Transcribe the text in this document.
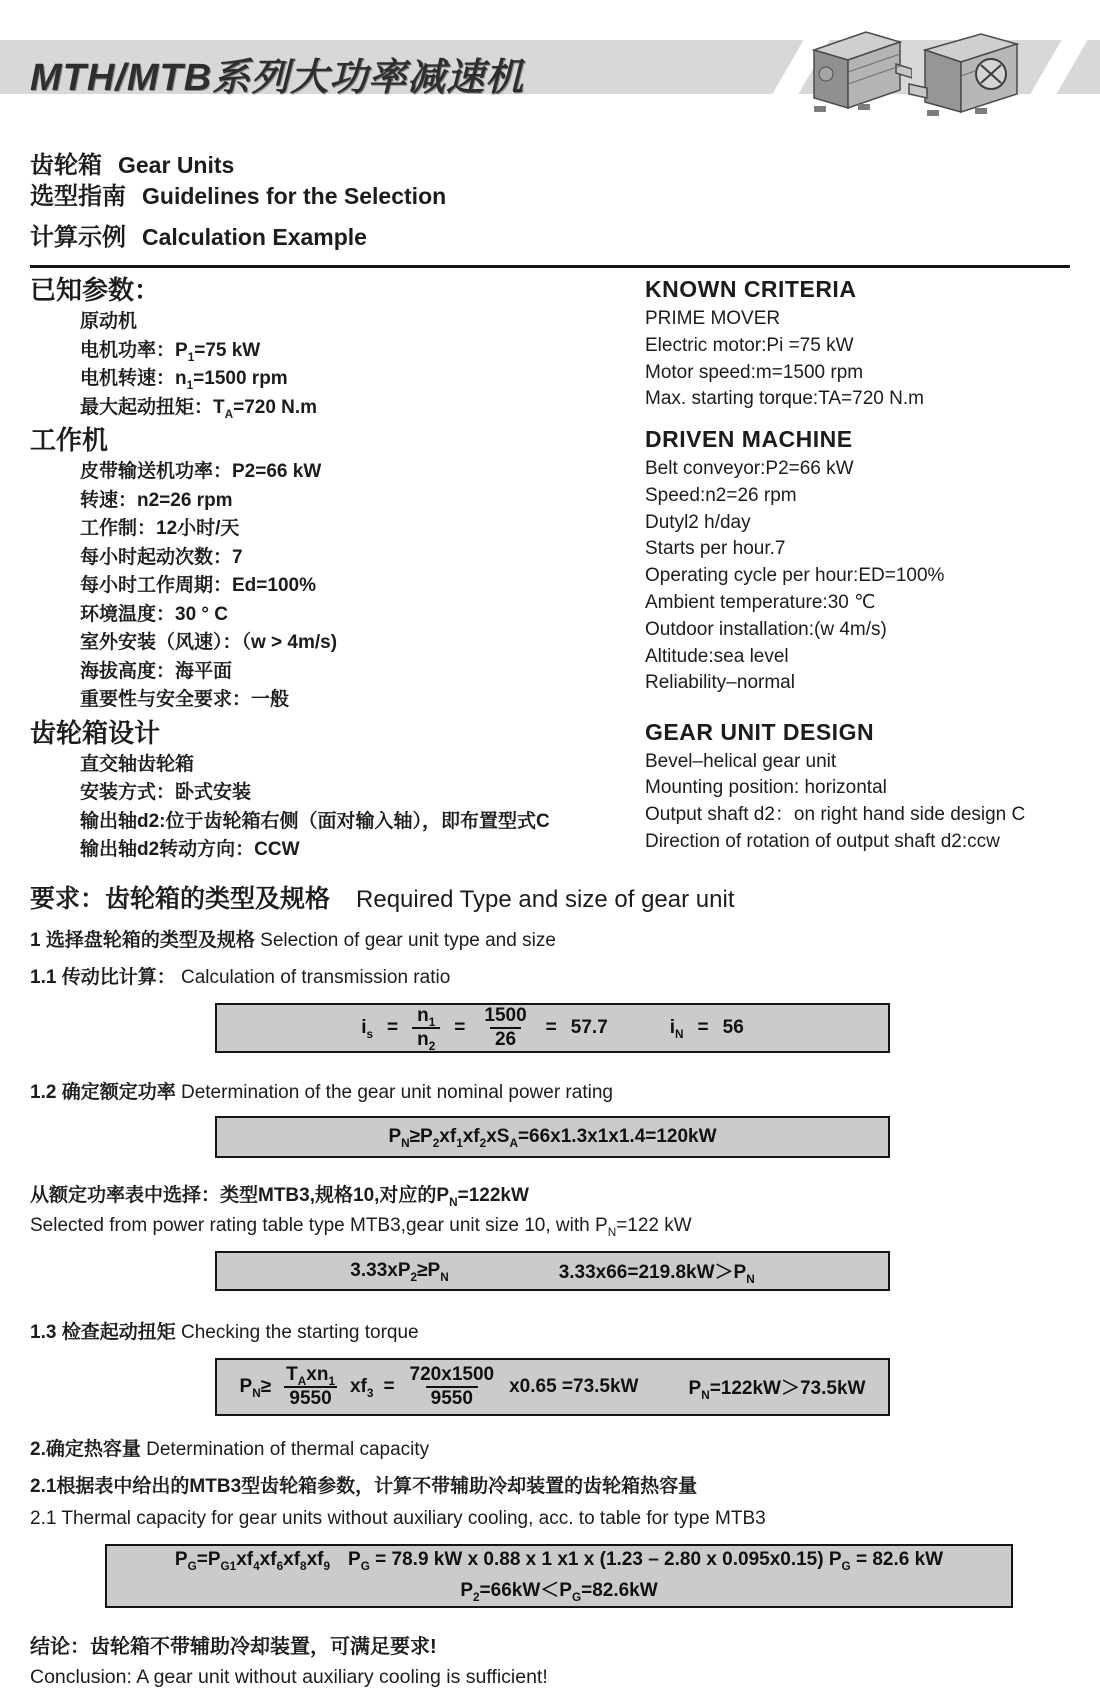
MTH/MTB系列大功率减速机
齿轮箱 Gear Units
选型指南 Guidelines for the Selection
计算示例 Calculation Example
已知参数：
原动机
电机功率：$P_1=75$ kW
电机转速：$n_1=1500$ rpm
最大起动扭矩：$T_A=720$ N.m
KNOWN CRITERIA
PRIME MOVER
Electric motor:Pi =75 kW
Motor speed:m=1500 rpm
Max. starting torque:TA=720 N.m
工作机
皮带输送机功率：P2=66 kW
转速：n2=26 rpm
工作制：12小时/天
每小时起动次数：7
每小时工作周期：Ed=100%
环境温度：30 ° C
室外安装（风速）：（w > 4m/s)
海拔高度：海平面
重要性与安全要求：一般
DRIVEN MACHINE
Belt conveyor:P2=66 kW
Speed:n2=26 rpm
Dutyl2 h/day
Starts per hour.7
Operating cycle per hour:ED=100%
Ambient temperature:30 ℃
Outdoor installation:(w 4m/s)
Altitude:sea level
Reliability–normal
齿轮箱设计
直交轴齿轮箱
安装方式：卧式安装
输出轴d2:位于齿轮箱右侧（面对输入轴），即布置型式C
输出轴d2转动方向：CCW
GEAR UNIT DESIGN
Bevel–helical gear unit
Mounting position: horizontal
Output shaft d2：on right hand side design C
Direction of rotation of output shaft d2:ccw
要求：齿轮箱的类型及规格 Required Type and size of gear unit
1 选择盘轮箱的类型及规格 Selection of gear unit type and size
1.1 传动比计算： Calculation of transmission ratio
$i_s = \frac{n_1}{n_2} = \frac{1500}{26} = 57.7$	$i_N = 56$
1.2 确定额定功率 Determination of the gear unit nominal power rating
$P_N\ge P_2xf_1xf_2xS_A=66x1.3x1x1.4=120kW$
从额定功率表中选择：类型MTB3,规格10,对应的$P_N=122kW$
Selected from power rating table type MTB3,gear unit size 10, with $P_N=122$ kW
$3.33xP_2\ge P_N$	$3.33x66=219.8kW>P_N$
1.3 检查起动扭矩 Checking the starting torque
$P_N\ge \frac{T_Axn_1}{9550} xf_3 = \frac{720x1500}{9550} x0.65 =73.5kW$	$P_N=122kW>73.5kW$
2.确定热容量 Determination of thermal capacity
2.1根据表中给出的MTB3型齿轮箱参数，计算不带辅助冷却装置的齿轮箱热容量
2.1 Thermal capacity for gear units without auxiliary cooling, acc. to table for type MTB3
$P_G=P_{G1}xf_4xf_6xf_8xf_9$ $P_G = 78.9$ kW x 0.88 x 1 x1 x (1.23 – 2.80 x 0.095x0.15) $P_G = 82.6$ kW
$P_2=66kW<P_G=82.6kW$
结论：齿轮箱不带辅助冷却装置，可满足要求!
Conclusion: A gear unit without auxiliary cooling is sufficient!
